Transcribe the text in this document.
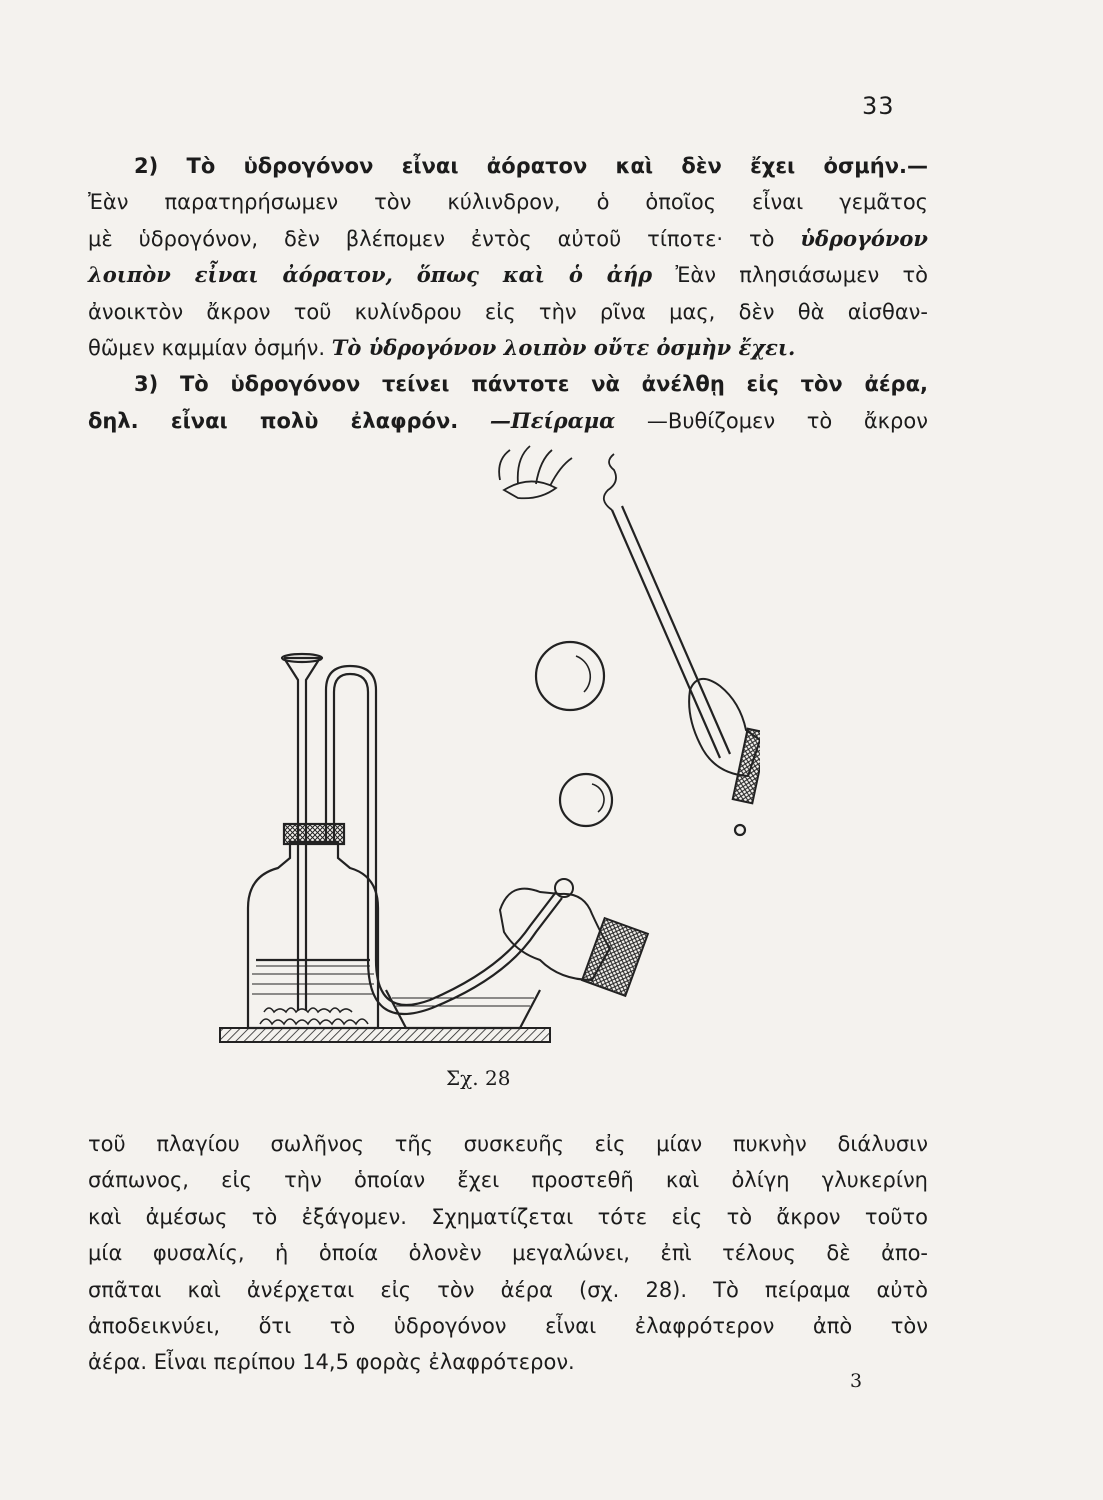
33
2) Τὸ ὑδρογόνον εἶναι ἀόρατον καὶ δὲν ἔχει ὀσμήν.—
Ἐὰν παρατηρήσωμεν τὸν κύλινδρον, ὁ ὁποῖος εἶναι γεμᾶτος
μὲ ὑδρογόνον, δὲν βλέπομεν ἐντὸς αὐτοῦ τίποτε· τὸ ὑδρογόνον
λοιπὸν εἶναι ἀόρατον, ὅπως καὶ ὁ ἀήρ Ἐὰν πλησιάσωμεν τὸ
ἀνοικτὸν ἄκρον τοῦ κυλίνδρου εἰς τὴν ρῖνα μας, δὲν θὰ αἰσθαν-
θῶμεν καμμίαν ὀσμήν. Τὸ ὑδρογόνον λοιπὸν οὔτε ὀσμὴν ἔχει.
3) Τὸ ὑδρογόνον τείνει πάντοτε νὰ ἀνέλθῃ εἰς τὸν ἀέρα,
δηλ. εἶναι πολὺ ἐλαφρόν. —Πείραμα —Βυθίζομεν τὸ ἄκρον
Σχ. 28
τοῦ πλαγίου σωλῆνος τῆς συσκευῆς εἰς μίαν πυκνὴν διάλυσιν
σάπωνος, εἰς τὴν ὁποίαν ἔχει προστεθῆ καὶ ὀλίγη γλυκερίνη
καὶ ἀμέσως τὸ ἐξάγομεν. Σχηματίζεται τότε εἰς τὸ ἄκρον τοῦτο
μία φυσαλίς, ἡ ὁποία ὁλονὲν μεγαλώνει, ἐπὶ τέλους δὲ ἀπο-
σπᾶται καὶ ἀνέρχεται εἰς τὸν ἀέρα (σχ. 28). Τὸ πείραμα αὐτὸ
ἀποδεικνύει, ὅτι τὸ ὑδρογόνον εἶναι ἐλαφρότερον ἀπὸ τὸν
ἀέρα. Εἶναι περίπου 14,5 φορὰς ἐλαφρότερον.
3
